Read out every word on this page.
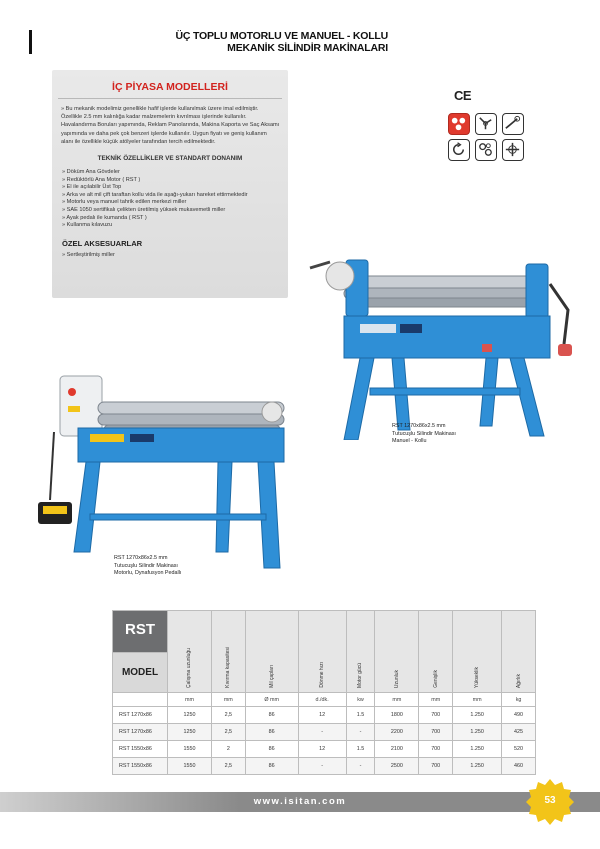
ÜÇ TOPLU MOTORLU VE MANUEL - KOLLU
MEKANİK SİLİNDİR MAKİNALARI
İÇ PİYASA MODELLERİ

» Bu mekanik modelimiz genellikle hafif işlerde kullanılmak üzere imal edilmiştir. Özellikle 2.5 mm kalınlığa kadar malzemelerin kıvrılması işlerinde kullanılır. Havalandırma Boruları yapımında, Reklam Panolarında, Makina Kaporta ve Saç Aksamı yapımında ve daha pek çok benzeri işlerde kullanılır. Uygun fiyatı ve geniş kullanım alanı ile özellikle küçük atölyeler tarafından tercih edilmektedir.

TEKNİK ÖZELLİKLER VE STANDART DONANIM
» Döküm Ana Gövdeler
» Redüktörlü Ana Motor ( RST )
» El ile açılabilir Üst Top
» Arka ve alt mil çift taraftan kollu vida ile aşağı-yukarı hareket ettirmektedir
» Motorlu veya manuel tahrik edilen merkezi miller
» SAE 1050 sertifikalı çelikten üretilmiş yüksek mukavemetli miller
» Ayak pedalı ile kumanda ( RST )
» Kullanma kılavuzu
ÖZEL AKSESUARLAR

» Sertleştirilmiş miller

CE
RST 1270x86x2.5 mm
Tutucuşlu Silindir Makinası
Manuel - Kollu
RST 1270x86x2.5 mm
Tutucuşlu Silindir Makinası
Motorlu, Dynafusyon Pedallı
RST	Çalışma uzunluğu	Kıvırma kapasitesi	Mil çapları	Dönme hızı	Motor gücü	Uzunluk	Genişlik	Yükseklik	Ağırlık

MODEL									
	mm	mm	Ø mm	d./dk.	kw	mm	mm	mm	kg
RST 1270x86	1250	2,5	86	12	1.5	1800	700	1.250	490
RST 1270x86	1250	2,5	86	-	-	2200	700	1.250	425
RST 1550x86	1550	2	86	12	1.5	2100	700	1.250	520
RST 1550x86	1550	2,5	86	-	-	2500	700	1.250	460
www.isitan.com	53
